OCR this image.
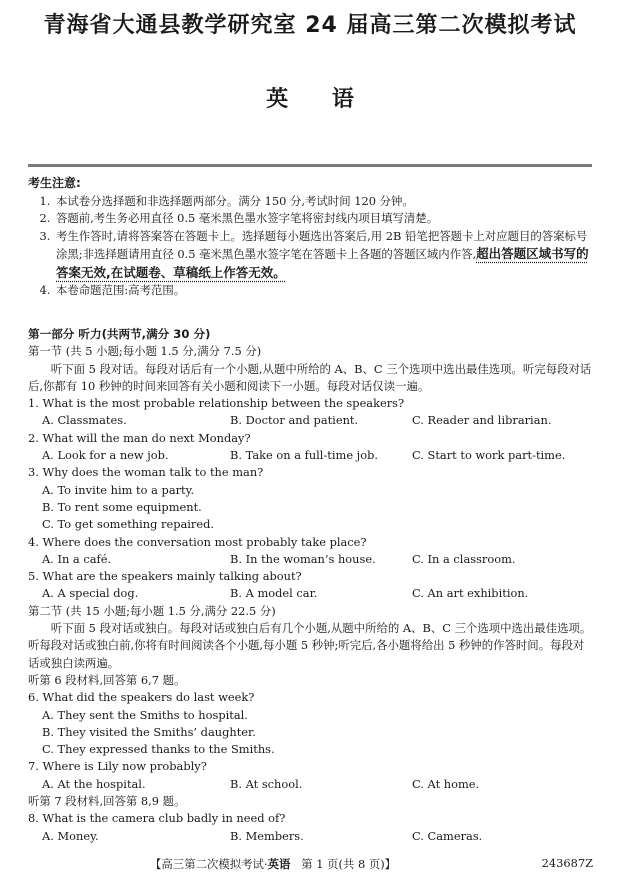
青海省大通县教学研究室 24 届高三第二次模拟考试
英 语
考生注意:
1. 本试卷分选择题和非选择题两部分。满分 150 分,考试时间 120 分钟。
2. 答题前,考生务必用直径 0.5 毫米黑色墨水签字笔将密封线内项目填写清楚。
3. 考生作答时,请将答案答在答题卡上。选择题每小题选出答案后,用 2B 铅笔把答题卡上对应题目的答案标号涂黑;非选择题请用直径 0.5 毫米黑色墨水签字笔在答题卡上各题的答题区域内作答,超出答题区域书写的答案无效,在试题卷、草稿纸上作答无效。
4. 本卷命题范围:高考范围。
第一部分 听力(共两节,满分 30 分)
第一节 (共 5 小题;每小题 1.5 分,满分 7.5 分)
听下面 5 段对话。每段对话后有一个小题,从题中所给的 A、B、C 三个选项中选出最佳选项。听完每段对话后,你都有 10 秒钟的时间来回答有关小题和阅读下一小题。每段对话仅读一遍。
1. What is the most probable relationship between the speakers?
A. Classmates.	B. Doctor and patient.	C. Reader and librarian.
2. What will the man do next Monday?
A. Look for a new job.	B. Take on a full-time job.	C. Start to work part-time.
3. Why does the woman talk to the man?
A. To invite him to a party.
B. To rent some equipment.
C. To get something repaired.
4. Where does the conversation most probably take place?
A. In a café.	B. In the woman’s house.	C. In a classroom.
5. What are the speakers mainly talking about?
A. A special dog.	B. A model car.	C. An art exhibition.
第二节 (共 15 小题;每小题 1.5 分,满分 22.5 分)
听下面 5 段对话或独白。每段对话或独白后有几个小题,从题中所给的 A、B、C 三个选项中选出最佳选项。听每段对话或独白前,你将有时间阅读各个小题,每小题 5 秒钟;听完后,各小题将给出 5 秒钟的作答时间。每段对话或独白读两遍。
听第 6 段材料,回答第 6,7 题。
6. What did the speakers do last week?
A. They sent the Smiths to hospital.
B. They visited the Smiths’ daughter.
C. They expressed thanks to the Smiths.
7. Where is Lily now probably?
A. At the hospital.	B. At school.	C. At home.
听第 7 段材料,回答第 8,9 题。
8. What is the camera club badly in need of?
A. Money.	B. Members.	C. Cameras.
【高三第二次模拟考试·英语 第 1 页(共 8 页)】	243687Z
